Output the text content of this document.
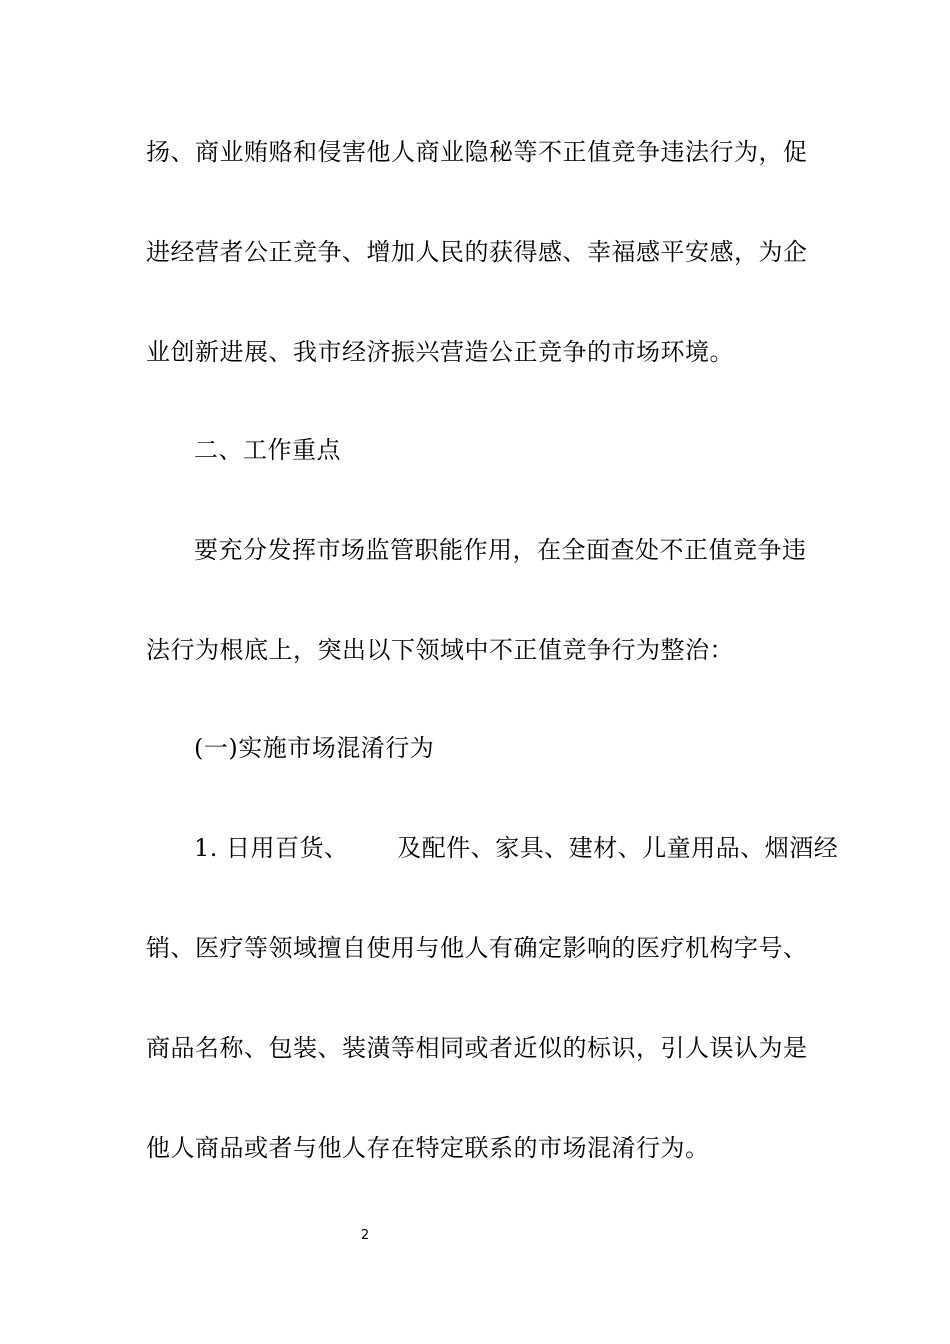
扬、商业贿赂和侵害他人商业隐秘等不正值竞争违法行为，促
进经营者公正竞争、增加人民的获得感、幸福感平安感，为企
业创新进展、我市经济振兴营造公正竞争的市场环境。
二、工作重点
要充分发挥市场监管职能作用，在全面查处不正值竞争违
法行为根底上，突出以下领域中不正值竞争行为整治：
(一)实施市场混淆行为
1. 日用百货、      及配件、家具、建材、儿童用品、烟酒经
销、医疗等领域擅自使用与他人有确定影响的医疗机构字号、
商品名称、包装、装潢等相同或者近似的标识，引人误认为是
他人商品或者与他人存在特定联系的市场混淆行为。
2
